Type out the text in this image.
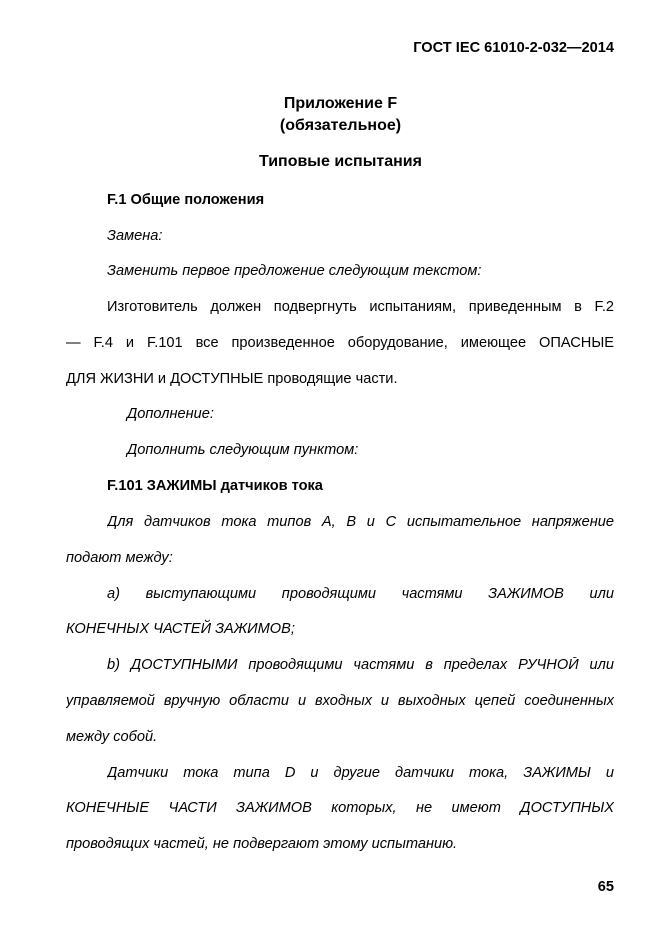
ГОСТ IEC 61010-2-032—2014
Приложение F
(обязательное)
Типовые испытания
F.1 Общие положения
Замена:
Заменить первое предложение следующим текстом:
Изготовитель должен подвергнуть испытаниям, приведенным в F.2
— F.4 и F.101 все произведенное оборудование, имеющее ОПАСНЫЕ
ДЛЯ ЖИЗНИ и ДОСТУПНЫЕ проводящие части.
Дополнение:
Дополнить следующим пунктом:
F.101 ЗАЖИМЫ датчиков тока
Для датчиков тока типов A, B и C испытательное напряжение
подают между:
a) выступающими проводящими частями ЗАЖИМОВ или
КОНЕЧНЫХ ЧАСТЕЙ ЗАЖИМОВ;
b) ДОСТУПНЫМИ проводящими частями в пределах РУЧНОЙ или
управляемой вручную области и входных и выходных цепей соединенных
между собой.
Датчики тока типа D и другие датчики тока, ЗАЖИМЫ и
КОНЕЧНЫЕ ЧАСТИ ЗАЖИМОВ которых, не имеют ДОСТУПНЫХ
проводящих частей, не подвергают этому испытанию.
65
